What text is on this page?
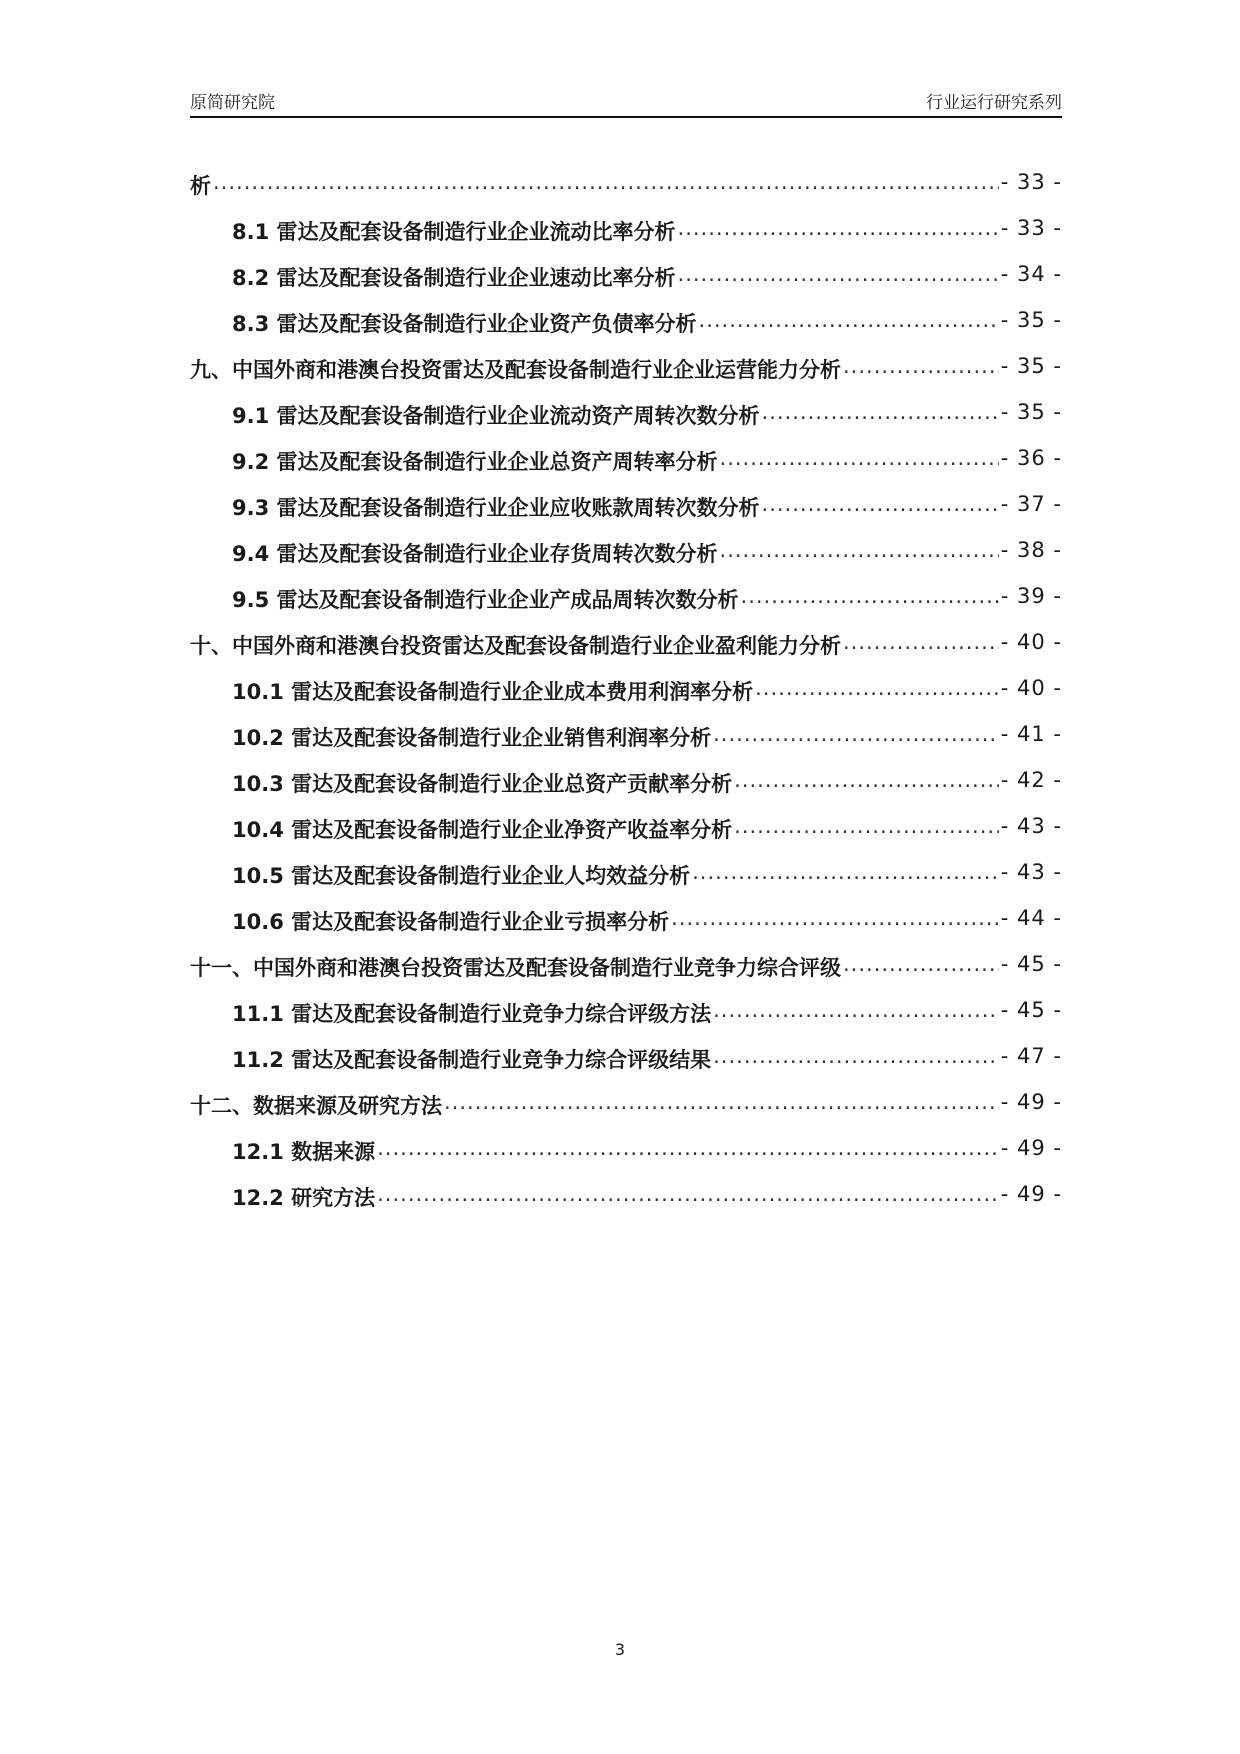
原简研究院	行业运行研究系列
析 .....	- 33 -
8.1 雷达及配套设备制造行业企业流动比率分析 .....	- 33 -
8.2 雷达及配套设备制造行业企业速动比率分析 .....	- 34 -
8.3 雷达及配套设备制造行业企业资产负债率分析 .....	- 35 -
九、中国外商和港澳台投资雷达及配套设备制造行业企业运营能力分析 .....	- 35 -
9.1 雷达及配套设备制造行业企业流动资产周转次数分析 .....	- 35 -
9.2 雷达及配套设备制造行业企业总资产周转率分析 .....	- 36 -
9.3 雷达及配套设备制造行业企业应收账款周转次数分析 .....	- 37 -
9.4 雷达及配套设备制造行业企业存货周转次数分析 .....	- 38 -
9.5 雷达及配套设备制造行业企业产成品周转次数分析 .....	- 39 -
十、中国外商和港澳台投资雷达及配套设备制造行业企业盈利能力分析 .....	- 40 -
10.1 雷达及配套设备制造行业企业成本费用利润率分析 .....	- 40 -
10.2 雷达及配套设备制造行业企业销售利润率分析 .....	- 41 -
10.3 雷达及配套设备制造行业企业总资产贡献率分析 .....	- 42 -
10.4 雷达及配套设备制造行业企业净资产收益率分析 .....	- 43 -
10.5 雷达及配套设备制造行业企业人均效益分析 .....	- 43 -
10.6 雷达及配套设备制造行业企业亏损率分析 .....	- 44 -
十一、中国外商和港澳台投资雷达及配套设备制造行业竞争力综合评级 .....	- 45 -
11.1 雷达及配套设备制造行业竞争力综合评级方法 .....	- 45 -
11.2 雷达及配套设备制造行业竞争力综合评级结果 .....	- 47 -
十二、数据来源及研究方法 .....	- 49 -
12.1 数据来源 .....	- 49 -
12.2 研究方法 .....	- 49 -
3
